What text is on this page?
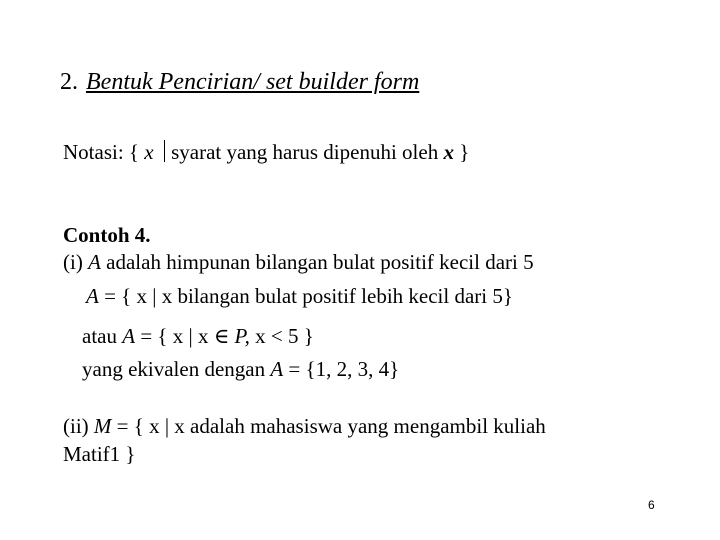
2. Bentuk Pencirian/ set builder form
Notasi: { x syarat yang harus dipenuhi oleh x }
Contoh 4.
(i) A adalah himpunan bilangan bulat positif kecil dari 5
A = { x | x bilangan bulat positif lebih kecil dari 5}
atau A = { x | x ∈ P, x < 5 }
yang ekivalen dengan A = {1, 2, 3, 4}
(ii) M = { x | x adalah mahasiswa yang mengambil kuliah
Matif1 }
6
